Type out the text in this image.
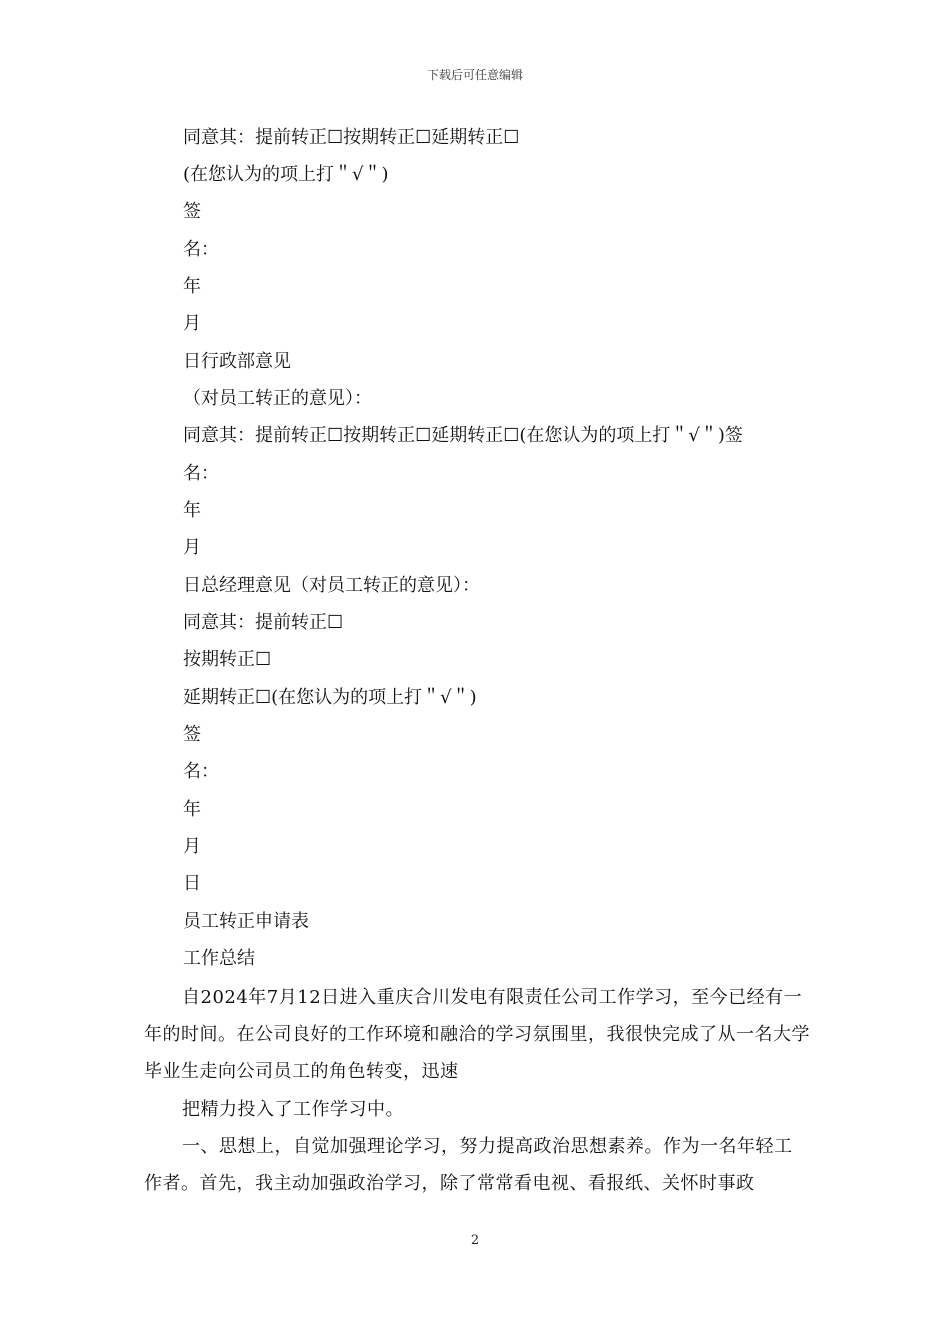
下载后可任意编辑
同意其：提前转正☐按期转正☐延期转正☐
(在您认为的项上打＂√＂)
签
名：
年
月
日行政部意见
（对员工转正的意见）：
同意其：提前转正☐按期转正☐延期转正☐(在您认为的项上打＂√＂)签
名：
年
月
日总经理意见（对员工转正的意见）：
同意其：提前转正☐
按期转正☐
延期转正☐(在您认为的项上打＂√＂)
签
名：
年
月
日
员工转正申请表
工作总结
自2024年7月12日进入重庆合川发电有限责任公司工作学习，至今已经有一年的时间。在公司良好的工作环境和融洽的学习氛围里，我很快完成了从一名大学毕业生走向公司员工的角色转变，迅速
把精力投入了工作学习中。
一、思想上，自觉加强理论学习，努力提高政治思想素养。作为一名年轻工作者。首先，我主动加强政治学习，除了常常看电视、看报纸、关怀时事政
2
